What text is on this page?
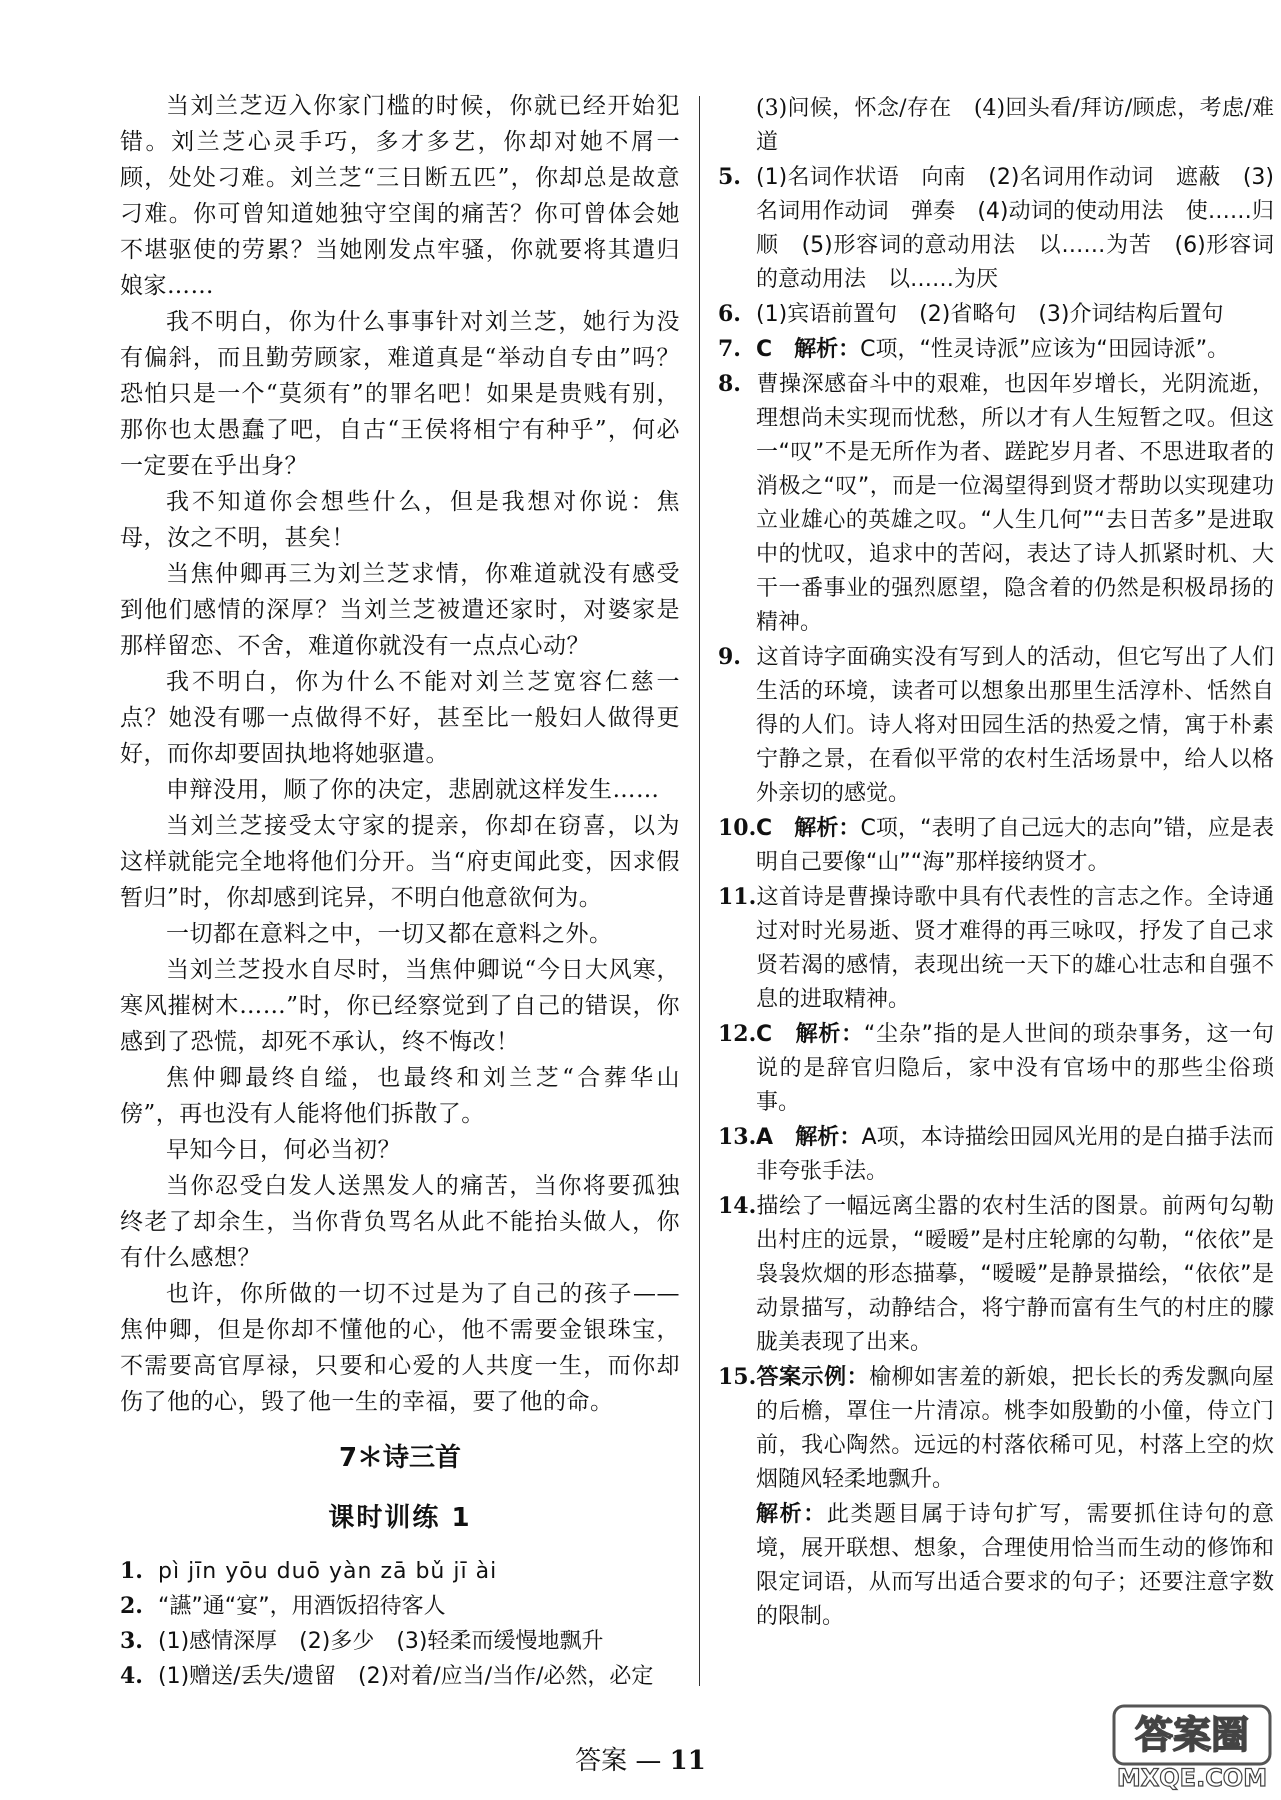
当刘兰芝迈入你家门槛的时候，你就已经开始犯错。刘兰芝心灵手巧，多才多艺，你却对她不屑一顾，处处刁难。刘兰芝“三日断五匹”，你却总是故意刁难。你可曾知道她独守空闺的痛苦？你可曾体会她不堪驱使的劳累？当她刚发点牢骚，你就要将其遣归娘家……

我不明白，你为什么事事针对刘兰芝，她行为没有偏斜，而且勤劳顾家，难道真是“举动自专由”吗？恐怕只是一个“莫须有”的罪名吧！如果是贵贱有别，那你也太愚蠢了吧，自古“王侯将相宁有种乎”，何必一定要在乎出身？

我不知道你会想些什么，但是我想对你说：焦母，汝之不明，甚矣！

当焦仲卿再三为刘兰芝求情，你难道就没有感受到他们感情的深厚？当刘兰芝被遣还家时，对婆家是那样留恋、不舍，难道你就没有一点点心动？

我不明白，你为什么不能对刘兰芝宽容仁慈一点？她没有哪一点做得不好，甚至比一般妇人做得更好，而你却要固执地将她驱遣。

申辩没用，顺了你的决定，悲剧就这样发生……

当刘兰芝接受太守家的提亲，你却在窃喜，以为这样就能完全地将他们分开。当“府吏闻此变，因求假暂归”时，你却感到诧异，不明白他意欲何为。

一切都在意料之中，一切又都在意料之外。

当刘兰芝投水自尽时，当焦仲卿说“今日大风寒，寒风摧树木……”时，你已经察觉到了自己的错误，你感到了恐慌，却死不承认，终不悔改！

焦仲卿最终自缢，也最终和刘兰芝“合葬华山傍”，再也没有人能将他们拆散了。

早知今日，何必当初？

当你忍受白发人送黑发人的痛苦，当你将要孤独终老了却余生，当你背负骂名从此不能抬头做人，你有什么感想？

也许，你所做的一切不过是为了自己的孩子——焦仲卿，但是你却不懂他的心，他不需要金银珠宝，不需要高官厚禄，只要和心爱的人共度一生，而你却伤了他的心，毁了他一生的幸福，要了他的命。

7＊诗三首

课时训练 1

1. pì jīn yōu duō yàn zā bǔ jī ài

2. “讌”通“宴”，用酒饭招待客人

3. (1)感情深厚　(2)多少　(3)轻柔而缓慢地飘升

4. (1)赠送/丢失/遗留　(2)对着/应当/当作/必然，必定

(3)问候，怀念/存在　(4)回头看/拜访/顾虑，考虑/难道

5. (1)名词作状语　向南　(2)名词用作动词　遮蔽　(3)名词用作动词　弹奏　(4)动词的使动用法　使……归顺　(5)形容词的意动用法　以……为苦　(6)形容词的意动用法　以……为厌

6. (1)宾语前置句　(2)省略句　(3)介词结构后置句

7. C　解析：C项，“性灵诗派”应该为“田园诗派”。

8. 曹操深感奋斗中的艰难，也因年岁增长，光阴流逝，理想尚未实现而忧愁，所以才有人生短暂之叹。但这一“叹”不是无所作为者、蹉跎岁月者、不思进取者的消极之“叹”，而是一位渴望得到贤才帮助以实现建功立业雄心的英雄之叹。“人生几何”“去日苦多”是进取中的忧叹，追求中的苦闷，表达了诗人抓紧时机、大干一番事业的强烈愿望，隐含着的仍然是积极昂扬的精神。

9. 这首诗字面确实没有写到人的活动，但它写出了人们生活的环境，读者可以想象出那里生活淳朴、恬然自得的人们。诗人将对田园生活的热爱之情，寓于朴素宁静之景，在看似平常的农村生活场景中，给人以格外亲切的感觉。

10.C　解析：C项，“表明了自己远大的志向”错，应是表明自己要像“山”“海”那样接纳贤才。

11.这首诗是曹操诗歌中具有代表性的言志之作。全诗通过对时光易逝、贤才难得的再三咏叹，抒发了自己求贤若渴的感情，表现出统一天下的雄心壮志和自强不息的进取精神。

12.C　解析：“尘杂”指的是人世间的琐杂事务，这一句说的是辞官归隐后，家中没有官场中的那些尘俗琐事。

13.A　解析：A项，本诗描绘田园风光用的是白描手法而非夸张手法。

14.描绘了一幅远离尘嚣的农村生活的图景。前两句勾勒出村庄的远景，“暧暧”是村庄轮廓的勾勒，“依依”是袅袅炊烟的形态描摹，“暧暧”是静景描绘，“依依”是动景描写，动静结合，将宁静而富有生气的村庄的朦胧美表现了出来。

15.答案示例：榆柳如害羞的新娘，把长长的秀发飘向屋的后檐，罩住一片清凉。桃李如殷勤的小僮，侍立门前，我心陶然。远远的村落依稀可见，村落上空的炊烟随风轻柔地飘升。

解析：此类题目属于诗句扩写，需要抓住诗句的意境，展开联想、想象，合理使用恰当而生动的修饰和限定词语，从而写出适合要求的句子；还要注意字数的限制。

答案 — 11
答案圈
MXQE.COM
